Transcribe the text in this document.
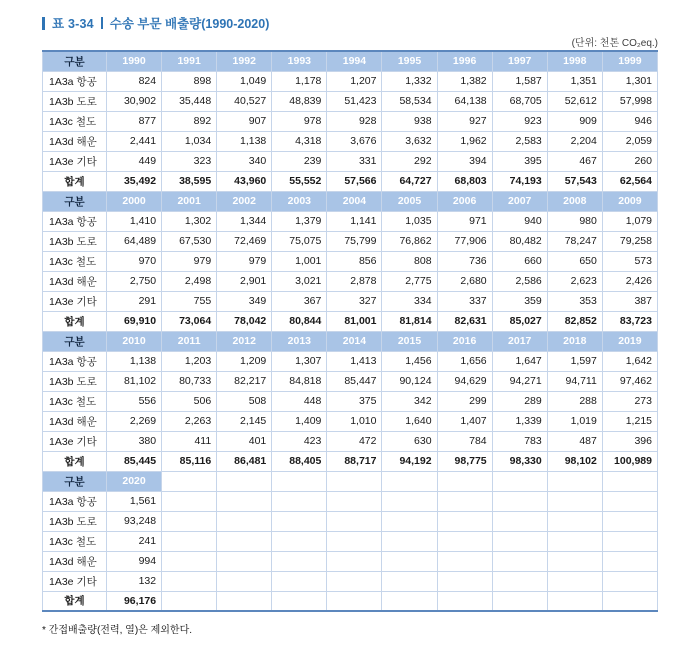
표 3-34 수송 부문 배출량(1990-2020)
(단위: 천톤 CO₂eq.)
구분	1990	1991	1992	1993	1994	1995	1996	1997	1998	1999
1A3a 항공	824	898	1,049	1,178	1,207	1,332	1,382	1,587	1,351	1,301
1A3b 도로	30,902	35,448	40,527	48,839	51,423	58,534	64,138	68,705	52,612	57,998
1A3c 철도	877	892	907	978	928	938	927	923	909	946
1A3d 해운	2,441	1,034	1,138	4,318	3,676	3,632	1,962	2,583	2,204	2,059
1A3e 기타	449	323	340	239	331	292	394	395	467	260
합계	35,492	38,595	43,960	55,552	57,566	64,727	68,803	74,193	57,543	62,564
구분	2000	2001	2002	2003	2004	2005	2006	2007	2008	2009
1A3a 항공	1,410	1,302	1,344	1,379	1,141	1,035	971	940	980	1,079
1A3b 도로	64,489	67,530	72,469	75,075	75,799	76,862	77,906	80,482	78,247	79,258
1A3c 철도	970	979	979	1,001	856	808	736	660	650	573
1A3d 해운	2,750	2,498	2,901	3,021	2,878	2,775	2,680	2,586	2,623	2,426
1A3e 기타	291	755	349	367	327	334	337	359	353	387
합계	69,910	73,064	78,042	80,844	81,001	81,814	82,631	85,027	82,852	83,723
구분	2010	2011	2012	2013	2014	2015	2016	2017	2018	2019
1A3a 항공	1,138	1,203	1,209	1,307	1,413	1,456	1,656	1,647	1,597	1,642
1A3b 도로	81,102	80,733	82,217	84,818	85,447	90,124	94,629	94,271	94,711	97,462
1A3c 철도	556	506	508	448	375	342	299	289	288	273
1A3d 해운	2,269	2,263	2,145	1,409	1,010	1,640	1,407	1,339	1,019	1,215
1A3e 기타	380	411	401	423	472	630	784	783	487	396
합계	85,445	85,116	86,481	88,405	88,717	94,192	98,775	98,330	98,102	100,989
구분	2020									
1A3a 항공	1,561									
1A3b 도로	93,248									
1A3c 철도	241									
1A3d 해운	994									
1A3e 기타	132									
합계	96,176									
* 간접배출량(전력, 열)은 제외한다.
